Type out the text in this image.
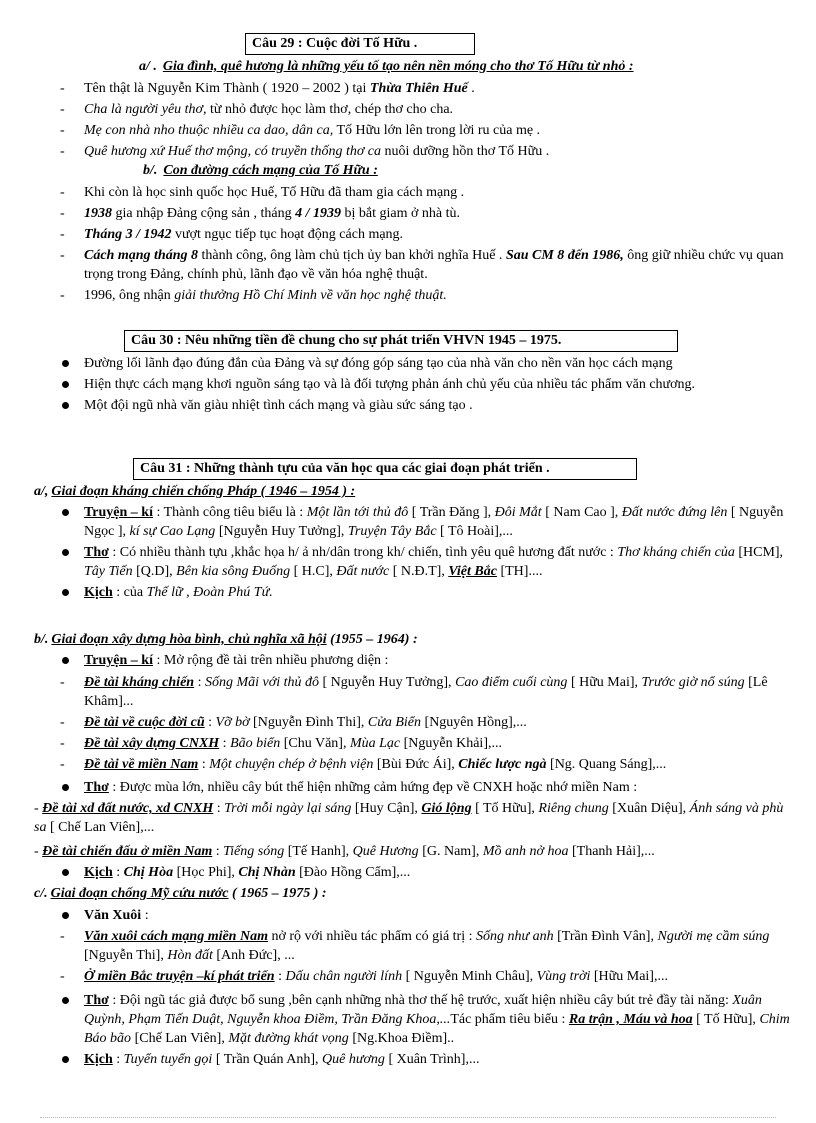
Câu 29 : Cuộc đời Tố Hữu .
a/ . Gia đình, quê hương là những yếu tố tạo nên nền móng cho thơ Tố Hữu từ nhỏ :
- Tên thật là Nguyễn Kim Thành ( 1920 – 2002 ) tại Thừa Thiên Huế .
- Cha là người yêu thơ, từ nhỏ được học làm thơ, chép thơ cho cha.
- Mẹ con nhà nho thuộc nhiều ca dao, dân ca, Tố Hữu lớn lên trong lời ru của mẹ .
- Quê hương xứ Huế thơ mộng, có truyền thống thơ ca nuôi dưỡng hồn thơ Tố Hữu .
b/. Con đường cách mạng của Tố Hữu :
- Khi còn là học sinh quốc học Huế, Tố Hữu đã tham gia cách mạng .
- 1938 gia nhập Đảng cộng sản , tháng 4 / 1939 bị bắt giam ở nhà tù.
- Tháng 3 / 1942 vượt ngục tiếp tục hoạt động cách mạng.
- Cách mạng tháng 8 thành công, ông làm chủ tịch ủy ban khởi nghĩa Huế . Sau CM 8 đến 1986, ông giữ nhiều chức vụ quan trọng trong Đảng, chính phủ, lãnh đạo về văn hóa nghệ thuật.
- 1996, ông nhận giải thưởng Hồ Chí Minh về văn học nghệ thuật.
Câu 30 : Nêu những tiền đề chung cho sự phát triển VHVN 1945 – 1975.
Đường lối lãnh đạo đúng đắn của Đảng và sự đóng góp sáng tạo của nhà văn cho nền văn học cách mạng
Hiện thực cách mạng khơi nguồn sáng tạo và là đối tượng phản ánh chủ yếu của nhiều tác phẩm văn chương.
Một đội ngũ nhà văn giàu nhiệt tình cách mạng và giàu sức sáng tạo .
Câu 31 : Những thành tựu của văn học qua các giai đoạn phát triển .
a/, Giai đoạn kháng chiến chống Pháp ( 1946 – 1954 ) :
Truyện – kí : Thành công tiêu biểu là : Một lần tới thủ đô [ Trần Đăng ], Đôi Mắt [ Nam Cao ], Đất nước đứng lên [ Nguyễn Ngọc ], kí sự Cao Lạng [Nguyễn Huy Tưởng], Truyện Tây Bắc [ Tô Hoài],...
Thơ : Có nhiều thành tựu ,khắc họa h/ ả nh/dân trong kh/ chiến, tình yêu quê hương đất nước : Thơ kháng chiến của [HCM], Tây Tiến [Q.D], Bên kia sông Đuống [ H.C], Đất nước [ N.Đ.T], Việt Bắc [TH]....
Kịch : của Thế lữ , Đoàn Phú Tứ.
b/. Giai đoạn xây dựng hòa bình, chủ nghĩa xã hội (1955 – 1964) :
Truyện – kí : Mở rộng đề tài trên nhiều phương diện :
- Đề tài kháng chiến : Sống Mãi với thủ đô [ Nguyễn Huy Tưởng], Cao điểm cuối cùng [ Hữu Mai], Trước giờ nổ súng [Lê Khâm]...
- Đề tài về cuộc đời cũ : Vỡ bờ [Nguyễn Đình Thi], Cửa Biển [Nguyên Hồng],...
- Đề tài xây dựng CNXH : Bão biển [Chu Văn], Mùa Lạc [Nguyễn Khải],...
- Đề tài về miền Nam : Một chuyện chép ở bệnh viện [Bùi Đức Ái], Chiếc lược ngà [Ng. Quang Sáng],...
Thơ : Được mùa lớn, nhiều cây bút thể hiện những cảm hứng đẹp về CNXH hoặc nhớ miền Nam :
- Đề tài xd đất nước, xd CNXH : Trời mỗi ngày lại sáng [Huy Cận], Gió lộng [ Tố Hữu], Riêng chung [Xuân Diệu], Ánh sáng và phù sa [ Chế Lan Viên],...
- Đề tài chiến đấu ở miền Nam : Tiếng sóng [Tế Hanh], Quê Hương [G. Nam], Mồ anh nở hoa [Thanh Hải],...
Kịch : Chị Hòa [Học Phi], Chị Nhàn [Đào Hồng Cẩm],...
c/. Giai đoạn chống Mỹ cứu nước ( 1965 – 1975 ) :
Văn Xuôi :
- Văn xuôi cách mạng miền Nam nở rộ với nhiều tác phẩm có giá trị : Sống như anh [Trần Đình Vân], Người mẹ cầm súng [Nguyễn Thi], Hòn đất [Anh Đức], ...
- Ở miền Bắc truyện –kí phát triển : Dấu chân người lính [ Nguyễn Minh Châu], Vùng trời [Hữu Mai],...
Thơ : Đội ngũ tác giả được bổ sung ,bên cạnh những nhà thơ thế hệ trước, xuất hiện nhiều cây bút trẻ đầy tài năng: Xuân Quỳnh, Phạm Tiến Duật, Nguyễn khoa Điềm, Trần Đăng Khoa,...Tác phẩm tiêu biểu : Ra trận , Máu và hoa [ Tố Hữu], Chim Báo bão [Chế Lan Viên], Mặt đường khát vọng [Ng.Khoa Điềm]..
Kịch : Tuyển tuyển gọi [ Trần Quán Anh], Quê hương [ Xuân Trình],...
